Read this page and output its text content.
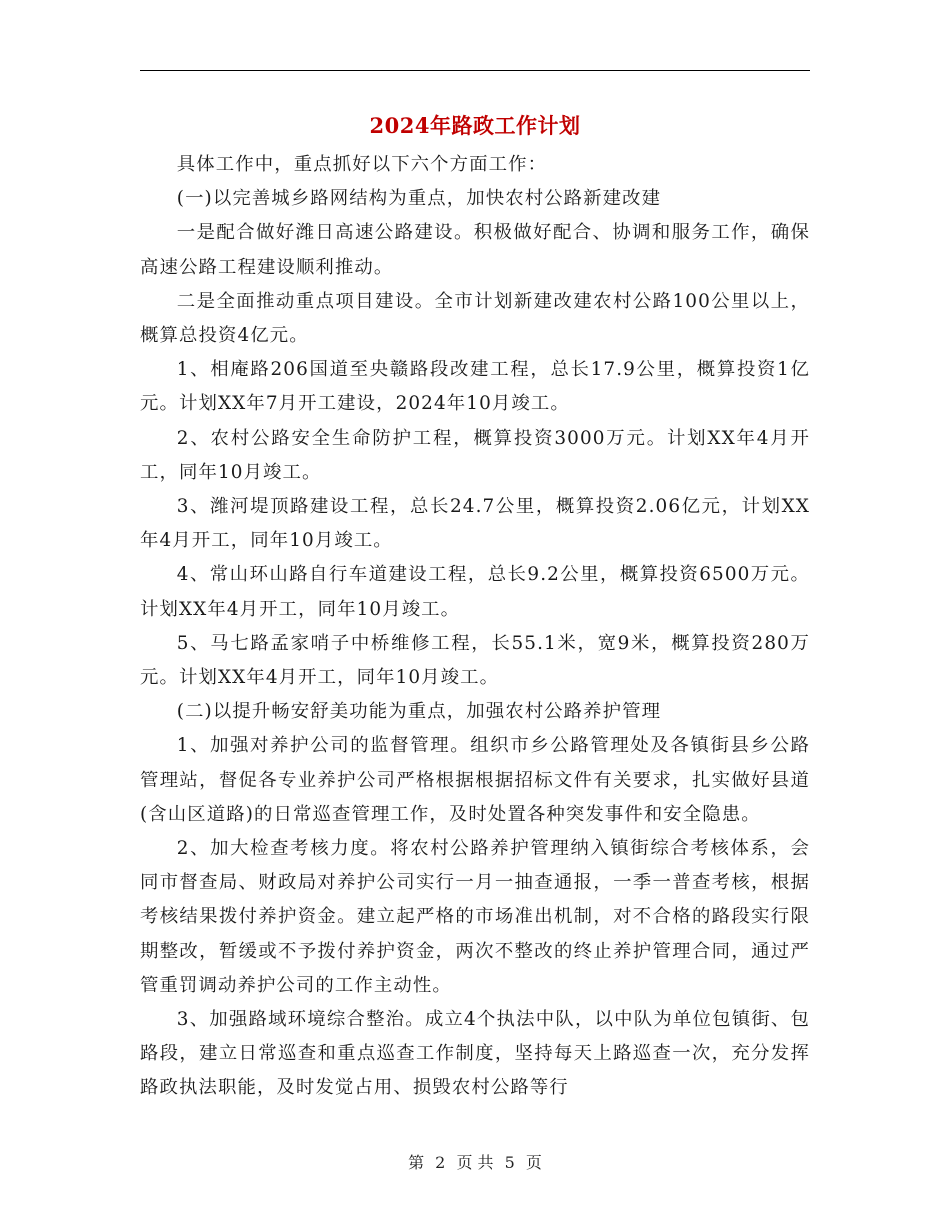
2024年路政工作计划

具体工作中，重点抓好以下六个方面工作：

(一)以完善城乡路网结构为重点，加快农村公路新建改建

一是配合做好潍日高速公路建设。积极做好配合、协调和服务工作，确保高速公路工程建设顺利推动。

二是全面推动重点项目建设。全市计划新建改建农村公路100公里以上，概算总投资4亿元。

1、相庵路206国道至央赣路段改建工程，总长17.9公里，概算投资1亿元。计划XX年7月开工建设，2024年10月竣工。

2、农村公路安全生命防护工程，概算投资3000万元。计划XX年4月开工，同年10月竣工。

3、潍河堤顶路建设工程，总长24.7公里，概算投资2.06亿元，计划XX年4月开工，同年10月竣工。

4、常山环山路自行车道建设工程，总长9.2公里，概算投资6500万元。计划XX年4月开工，同年10月竣工。

5、马七路孟家哨子中桥维修工程，长55.1米，宽9米，概算投资280万元。计划XX年4月开工，同年10月竣工。

(二)以提升畅安舒美功能为重点，加强农村公路养护管理

1、加强对养护公司的监督管理。组织市乡公路管理处及各镇街县乡公路管理站，督促各专业养护公司严格根据根据招标文件有关要求，扎实做好县道(含山区道路)的日常巡查管理工作，及时处置各种突发事件和安全隐患。

2、加大检查考核力度。将农村公路养护管理纳入镇街综合考核体系，会同市督查局、财政局对养护公司实行一月一抽查通报，一季一普查考核，根据考核结果拨付养护资金。建立起严格的市场准出机制，对不合格的路段实行限期整改，暂缓或不予拨付养护资金，两次不整改的终止养护管理合同，通过严管重罚调动养护公司的工作主动性。

3、加强路域环境综合整治。成立4个执法中队，以中队为单位包镇街、包路段，建立日常巡查和重点巡查工作制度，坚持每天上路巡查一次，充分发挥路政执法职能，及时发觉占用、损毁农村公路等行

第 2 页 共 5 页
